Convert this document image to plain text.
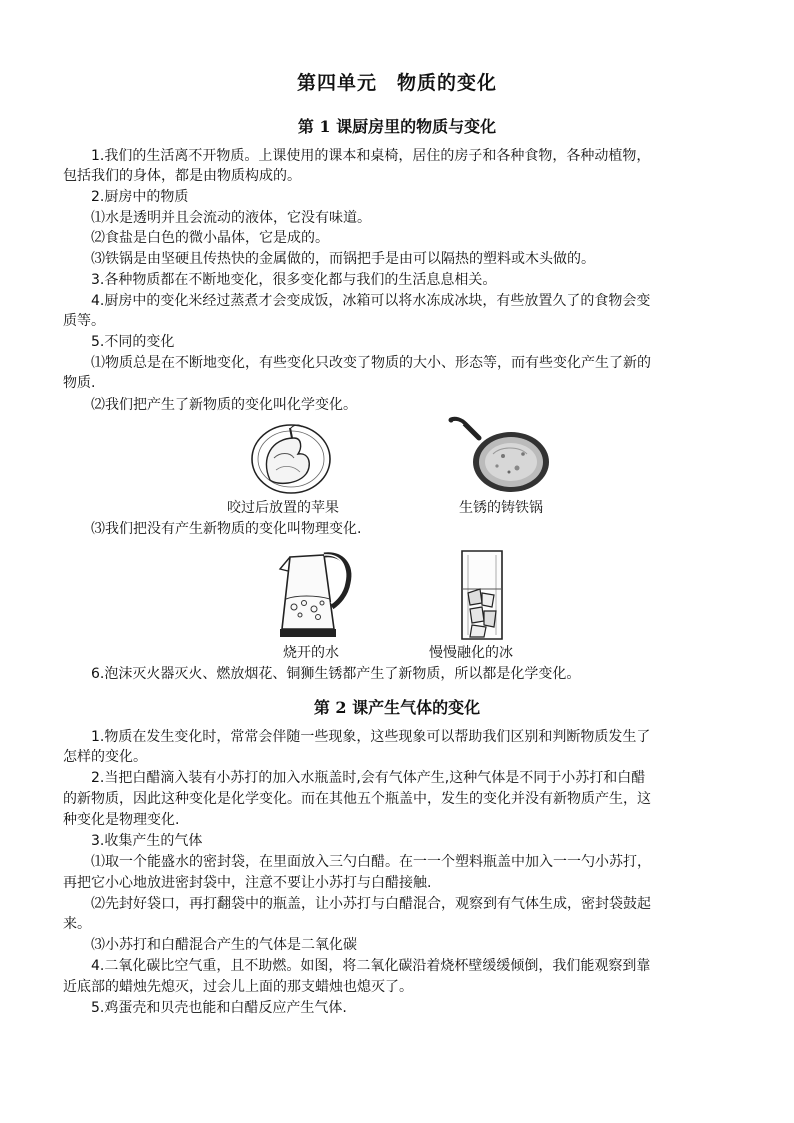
第四单元　物质的变化
第 1 课厨房里的物质与变化
1.我们的生活离不开物质。上课使用的课本和桌椅，居住的房子和各种食物，各种动植物，
包括我们的身体，都是由物质构成的。
2.厨房中的物质
⑴水是透明并且会流动的液体，它没有味道。
⑵食盐是白色的微小晶体，它是成的。
⑶铁锅是由坚硬且传热快的金属做的，而锅把手是由可以隔热的塑料或木头做的。
3.各种物质都在不断地变化，很多变化都与我们的生活息息相关。
4.厨房中的变化米经过蒸煮才会变成饭，冰箱可以将水冻成冰块，有些放置久了的食物会变
质等。
5.不同的变化
⑴物质总是在不断地变化，有些变化只改变了物质的大小、形态等，而有些变化产生了新的
物质.
⑵我们把产生了新物质的变化叫化学变化。
咬过后放置的苹果	生锈的铸铁锅
⑶我们把没有产生新物质的变化叫物理变化.
烧开的水	慢慢融化的冰
6.泡沫灭火器灭火、燃放烟花、铜狮生锈都产生了新物质，所以都是化学变化。
第 2 课产生气体的变化
1.物质在发生变化时，常常会伴随一些现象，这些现象可以帮助我们区别和判断物质发生了
怎样的变化。
2.当把白醋滴入装有小苏打的加入水瓶盖时,会有气体产生,这种气体是不同于小苏打和白醋
的新物质，因此这种变化是化学变化。而在其他五个瓶盖中，发生的变化并没有新物质产生，这
种变化是物理变化.
3.收集产生的气体
⑴取一个能盛水的密封袋，在里面放入三勺白醋。在一一个塑料瓶盖中加入一一勺小苏打，
再把它小心地放进密封袋中，注意不要让小苏打与白醋接触.
⑵先封好袋口，再打翻袋中的瓶盖，让小苏打与白醋混合，观察到有气体生成，密封袋鼓起
来。
⑶小苏打和白醋混合产生的气体是二氧化碳
4.二氧化碳比空气重，且不助燃。如图，将二氧化碳沿着烧杯壁缓缓倾倒，我们能观察到靠
近底部的蜡烛先熄灭，过会儿上面的那支蜡烛也熄灭了。
5.鸡蛋壳和贝壳也能和白醋反应产生气体.
